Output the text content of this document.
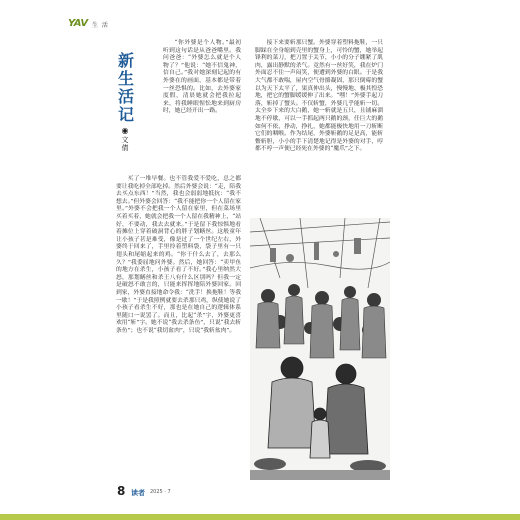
YAV 生 活
新生活记
◉
文 倩

“你外婆是个人物。”最初听到这句话是从爸爸嘴里。我问爸爸：“外婆怎么就是个人物了？”他说：“她不信鬼神，信自己。”我对她深刻记起的有外婆在的画面，基本都是带着一丝恐惧的。比如，去外婆家度假，清晨她就会把我拉起来，将我睡眼惺忪地来到厨房时，她已经开出一路。

买了一堆早餐。也不管我爱不爱吃，总之都要让我吃掉全部吃掉。然后外婆会说：“走，陪我去买点东西！”当然，我也会弱弱地抵抗：“我不想去。”但外婆会回答：“我不能把你一个人留在家里。”外婆不会把我一个人留在家里，但在菜场里买着买着，她就会把我一个人留在我精神上，“站好，不要动，我去去就来。”于是留下我惊惧地看着摊位上穿着破洞背心的胖子划鳝丝。这般童年让小孩子甚是难受，像是过了一个世纪左右，外婆终于回来了，手里拎着塑料袋，袋子里有一只翅头和尾缩起来的鸡。“你干什么去了，去那么久？”我委屈地问外婆。然后，她回答：“卖甲鱼的地方在杀生，小孩子看了不好。”我心里纳然大怒，那划鳝丝和杀王八有什么区别吗？但我一定是破怒不敢言的，只能来挥挥地陪外婆回家。回到家，外婆直接地命令我：“洗手！换拖鞋！等我一歇！”于是我照例就要去杀那只鸡，纵使她说了小孩子看杀生不好，那也是在她自己的逻辑体系里随口一说罢了。而且，比起“杀”字，外婆更喜欢用“斩”字。她不说“我去杀条鱼”，只说“我去斩条鱼”；也不说“我切盆肉”，只说“我斩盆肉”。

接下来要斩那只蟹。外婆穿着塑料拖鞋，一只脚踩在全身缩到壳里的蟹身上，可怜的蟹，她举起锋利的菜刀，把刀置于关节，小小的分子绷紧了肌肉，露出静默的杀气。竟然有一丝好笑，我在炉门外面忍不住一声闷笑，便遭到外婆的白眼。于是我大气都不敢喘，屋内空气骨骼凝固，那只倒霉的蟹以为天下太平了，果真伸出头，慢慢地、极其惶恐地，把它的蟹脚缓缓伸了出来。“嘿！”外婆手起刀落，斩掉了蟹头。不仅斩蟹，外婆几乎能斩一切。太全乡下来的大白鹅，她一斩就是五只，且铺麻溜地不停歇，可以一手抓起两只鹅的颈，任巨大的鹅如何不依，挣动，挣扎，她都能极快地用一刀斩断它们的咽喉。作为结尾，外婆斩鹅的足是高，能斩鳖斩胆，小小的手下清楚地记得是外婆的对手，哼都不哼一声便已经死在外婆的“魔爪”之下。

8 读者 2025 · 7
